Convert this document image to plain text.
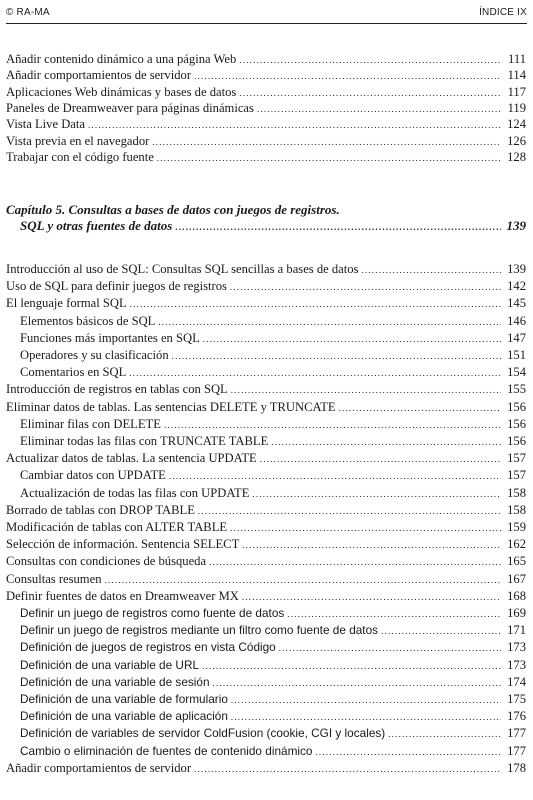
© RA-MA	ÍNDICE IX
Añadir contenido dinámico a una página Web .....	111
Añadir comportamientos de servidor .....	114
Aplicaciones Web dinámicas y bases de datos .....	117
Paneles de Dreamweaver para páginas dinámicas .....	119
Vista Live Data .....	124
Vista previa en el navegador .....	126
Trabajar con el código fuente .....	128
Capítulo 5. Consultas a bases de datos con juegos de registros.
SQL y otras fuentes de datos .....	139
Introducción al uso de SQL: Consultas SQL sencillas a bases de datos .....	139
Uso de SQL para definir juegos de registros .....	142
El lenguaje formal SQL .....	145
Elementos básicos de SQL .....	146
Funciones más importantes en SQL .....	147
Operadores y su clasificación .....	151
Comentarios en SQL .....	154
Introducción de registros en tablas con SQL .....	155
Eliminar datos de tablas. Las sentencias DELETE y TRUNCATE .....	156
Eliminar filas con DELETE .....	156
Eliminar todas las filas con TRUNCATE TABLE .....	156
Actualizar datos de tablas. La sentencia UPDATE .....	157
Cambiar datos con UPDATE .....	157
Actualización de todas las filas con UPDATE .....	158
Borrado de tablas con DROP TABLE .....	158
Modificación de tablas con ALTER TABLE .....	159
Selección de información. Sentencia SELECT .....	162
Consultas con condiciones de búsqueda .....	165
Consultas resumen .....	167
Definir fuentes de datos en Dreamweaver MX .....	168
Definir un juego de registros como fuente de datos .....	169
Definir un juego de registros mediante un filtro como fuente de datos .....	171
Definición de juegos de registros en vista Código .....	173
Definición de una variable de URL .....	173
Definición de una variable de sesión .....	174
Definición de una variable de formulario .....	175
Definición de una variable de aplicación .....	176
Definición de variables de servidor ColdFusion (cookie, CGI y locales) .....	177
Cambio o eliminación de fuentes de contenido dinámico .....	177
Añadir comportamientos de servidor .....	178
